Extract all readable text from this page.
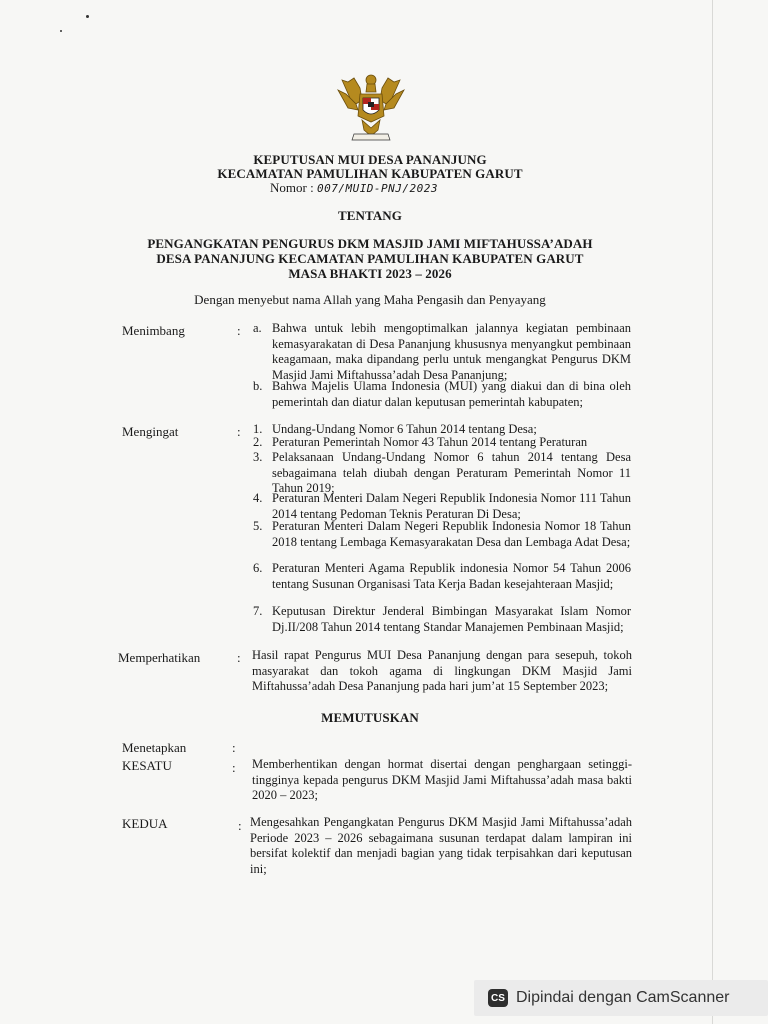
KEPUTUSAN MUI DESA PANANJUNG
KECAMATAN PAMULIHAN KABUPATEN GARUT
Nomor : 007/MUID-PNJ/2023
TENTANG
PENGANGKATAN PENGURUS DKM MASJID JAMI MIFTAHUSSA’ADAH
DESA PANANJUNG KECAMATAN PAMULIHAN KABUPATEN GARUT
MASA BHAKTI 2023 – 2026
Dengan menyebut nama Allah yang Maha Pengasih dan Penyayang
Menimbang	: a. Bahwa untuk lebih mengoptimalkan jalannya kegiatan pembinaan kemasyarakatan di Desa Pananjung khususnya menyangkut pembinaan keagamaan, maka dipandang perlu untuk mengangkat Pengurus DKM Masjid Jami Miftahussa’adah Desa Pananjung;
b. Bahwa Majelis Ulama Indonesia (MUI) yang diakui dan di bina oleh pemerintah dan diatur dalan keputusan pemerintah kabupaten;
Mengingat	: 1. Undang-Undang Nomor 6 Tahun 2014 tentang Desa;
2. Peraturan Pemerintah Nomor 43 Tahun 2014 tentang Peraturan
3. Pelaksanaan Undang-Undang Nomor 6 tahun 2014 tentang Desa sebagaimana telah diubah dengan Peraturam Pemerintah Nomor 11 Tahun 2019;
4. Peraturan Menteri Dalam Negeri Republik Indonesia Nomor 111 Tahun 2014 tentang Pedoman Teknis Peraturan Di Desa;
5. Peraturan Menteri Dalam Negeri Republik Indonesia Nomor 18 Tahun 2018 tentang Lembaga Kemasyarakatan Desa dan Lembaga Adat Desa;
6. Peraturan Menteri Agama Republik indonesia Nomor 54 Tahun 2006 tentang Susunan Organisasi Tata Kerja Badan kesejahteraan Masjid;
7. Keputusan Direktur Jenderal Bimbingan Masyarakat Islam Nomor Dj.II/208 Tahun 2014 tentang Standar Manajemen Pembinaan Masjid;
Memperhatikan	: Hasil rapat Pengurus MUI Desa Pananjung dengan para sesepuh, tokoh masyarakat dan tokoh agama di lingkungan DKM Masjid Jami Miftahussa’adah Desa Pananjung pada hari jum’at 15 September 2023;
MEMUTUSKAN
Menetapkan	:
KESATU	: Memberhentikan dengan hormat disertai dengan penghargaan setinggi-tingginya kepada pengurus DKM Masjid Jami Miftahussa’adah masa bakti 2020 – 2023;
KEDUA	: Mengesahkan Pengangkatan Pengurus DKM Masjid Jami Miftahussa’adah Periode 2023 – 2026 sebagaimana susunan terdapat dalam lampiran ini bersifat kolektif dan menjadi bagian yang tidak terpisahkan dari keputusan ini;
CS Dipindai dengan CamScanner
